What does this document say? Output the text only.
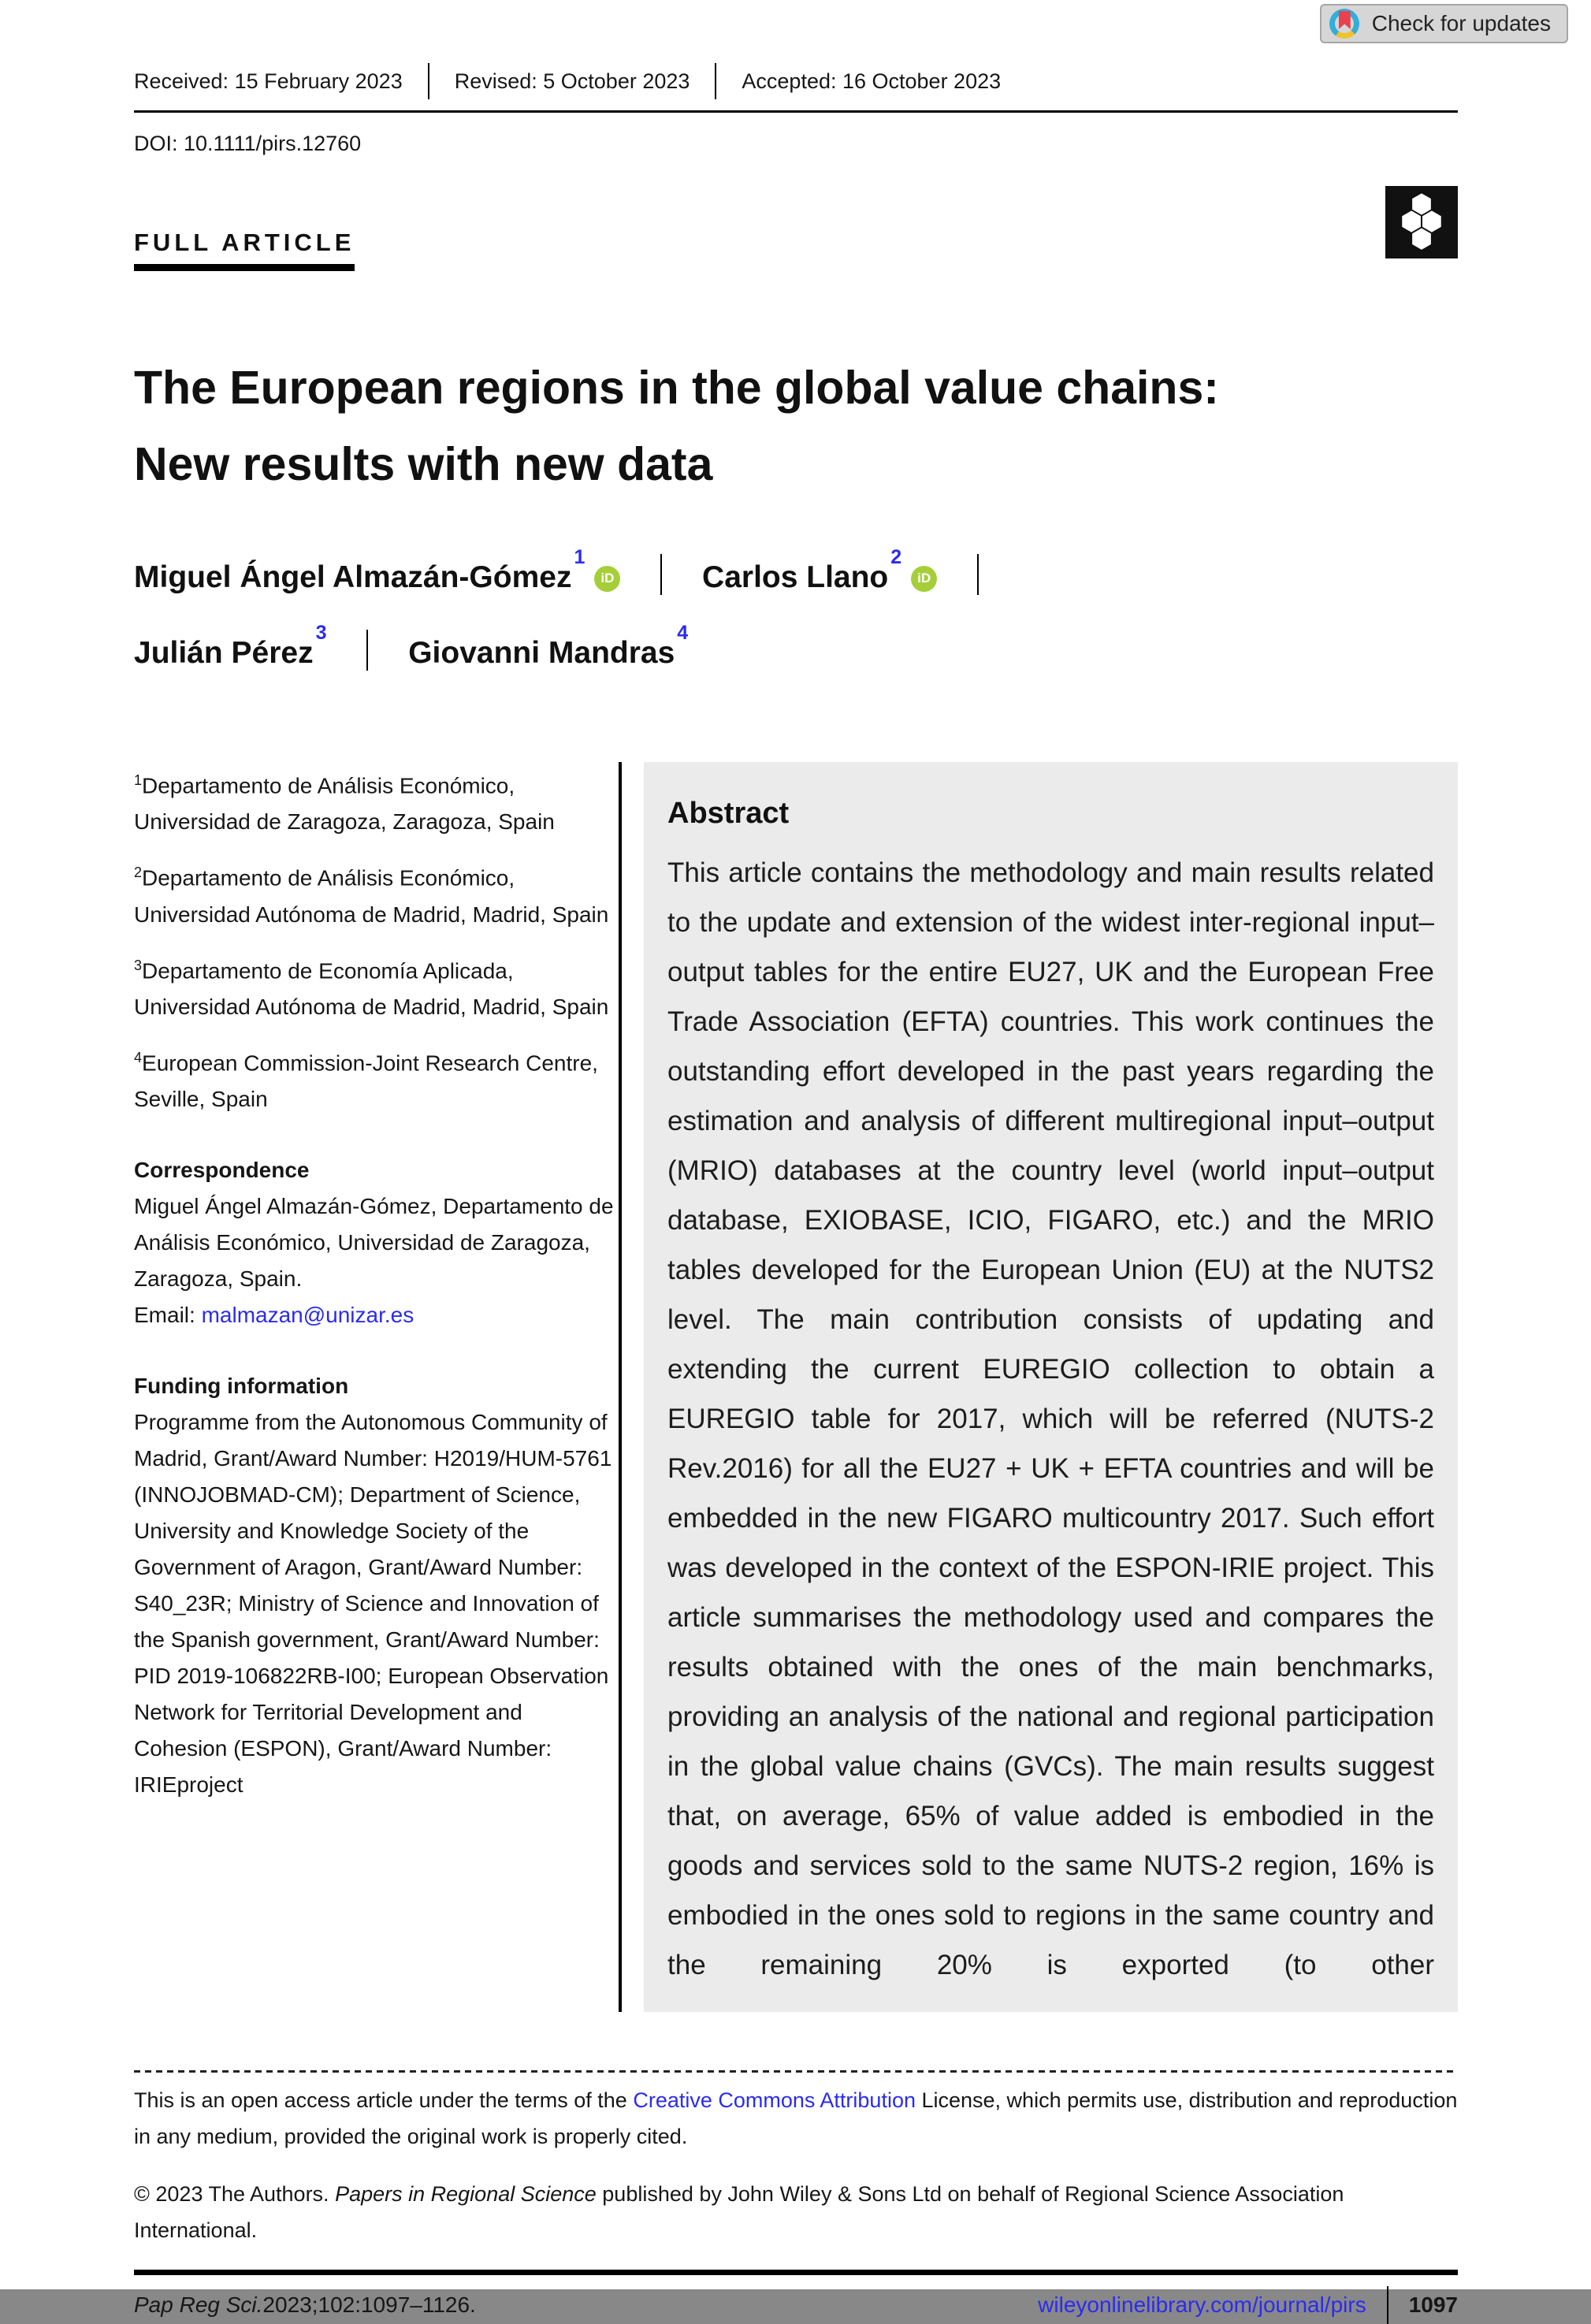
Check for updates
Received: 15 February 2023 Revised: 5 October 2023 Accepted: 16 October 2023
DOI: 10.1111/pirs.12760
FULL ARTICLE
The European regions in the global value chains:
New results with new data
Miguel Ángel Almazán-Gómez$^1$iD	Carlos Llano$^2$iD
Julián Pérez$^3$  Giovanni Mandras$^4$

$^1$Departamento de Análisis Económico, Universidad de Zaragoza, Zaragoza, Spain

$^2$Departamento de Análisis Económico, Universidad Autónoma de Madrid, Madrid, Spain

$^3$Departamento de Economía Aplicada, Universidad Autónoma de Madrid, Madrid, Spain

$^4$European Commission-Joint Research Centre, Seville, Spain

Correspondence

Miguel Ángel Almazán-Gómez, Departamento de Análisis Económico, Universidad de Zaragoza, Zaragoza, Spain.
Email: malmazan@unizar.es

Funding information

Programme from the Autonomous Community of Madrid, Grant/Award Number: H2019/HUM-5761 (INNOJOBMAD-CM); Department of Science, University and Knowledge Society of the Government of Aragon, Grant/Award Number: S40_23R; Ministry of Science and Innovation of the Spanish government, Grant/Award Number: PID 2019-106822RB-I00; European Observation Network for Territorial Development and Cohesion (ESPON), Grant/Award Number: IRIEproject

Abstract

This article contains the methodology and main results related to the update and extension of the widest inter-regional input–output tables for the entire EU27, UK and the European Free Trade Association (EFTA) countries. This work continues the outstanding effort developed in the past years regarding the estimation and analysis of different multiregional input–output (MRIO) databases at the country level (world input–output database, EXIOBASE, ICIO, FIGARO, etc.) and the MRIO tables developed for the European Union (EU) at the NUTS2 level. The main contribution consists of updating and extending the current EUREGIO collection to obtain a EUREGIO table for 2017, which will be referred (NUTS-2 Rev.2016) for all the EU27 + UK + EFTA countries and will be embedded in the new FIGARO multicountry 2017. Such effort was developed in the context of the ESPON-IRIE project. This article summarises the methodology used and compares the results obtained with the ones of the main benchmarks, providing an analysis of the national and regional participation in the global value chains (GVCs). The main results suggest that, on average, 65% of value added is embodied in the goods and services sold to the same NUTS-2 region, 16% is embodied in the ones sold to regions in the same country and the remaining 20% is exported (to other

This is an open access article under the terms of the Creative Commons Attribution License, which permits use, distribution and reproduction in any medium, provided the original work is properly cited.

© 2023 The Authors. Papers in Regional Science published by John Wiley & Sons Ltd on behalf of Regional Science Association International.

Pap Reg Sci. 2023;102:1097–1126.	wileyonlinelibrary.com/journal/pirs 1097
